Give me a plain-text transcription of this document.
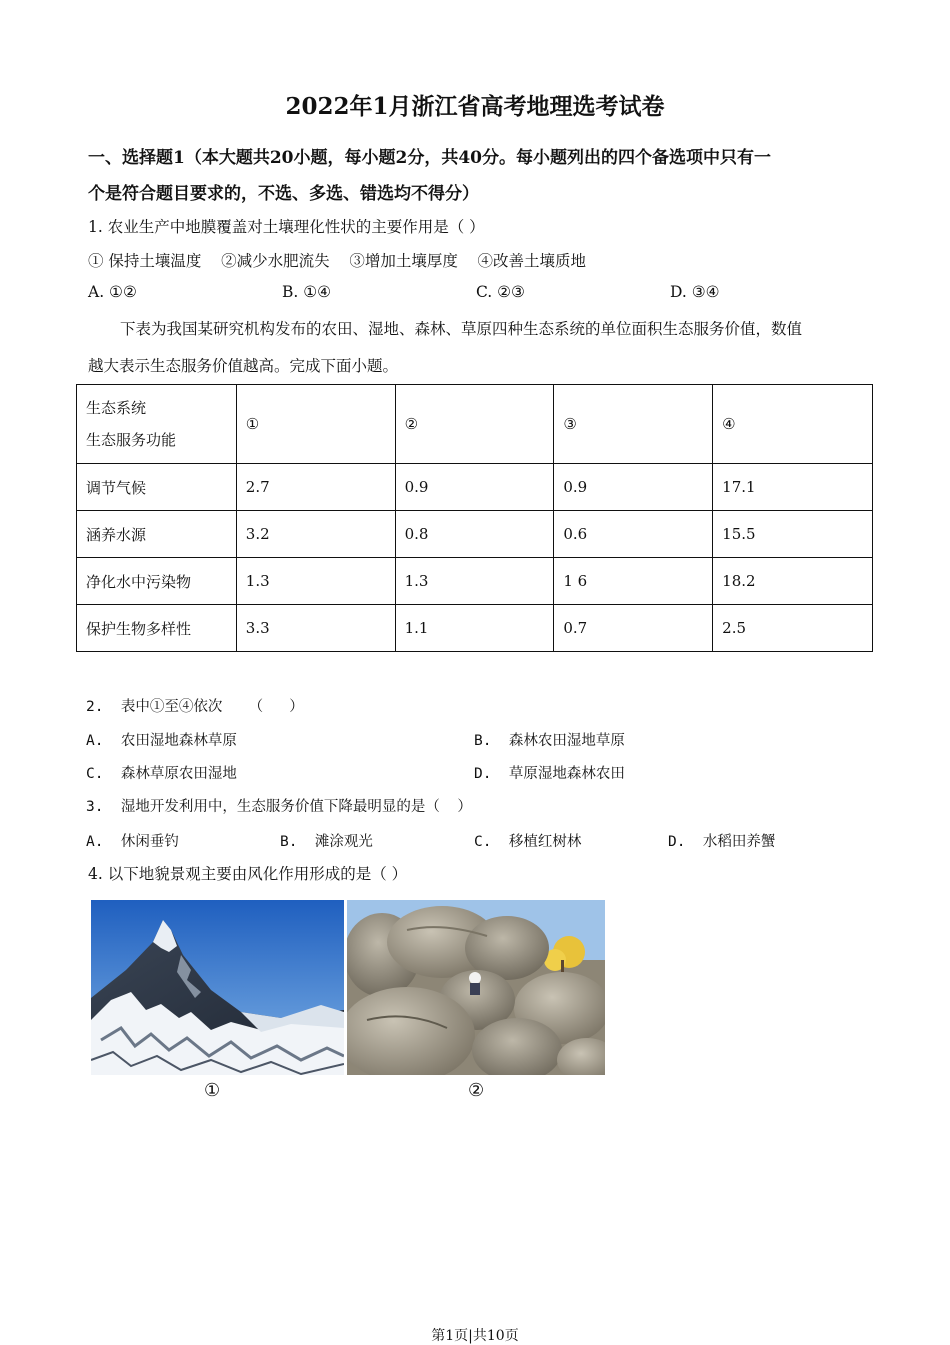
2022年1月浙江省高考地理选考试卷
一、选择题1（本大题共20小题，每小题2分，共40分。每小题列出的四个备选项中只有一
个是符合题目要求的，不选、多选、错选均不得分）
1. 农业生产中地膜覆盖对土壤理化性状的主要作用是（ ）
① 保持土壤温度    ②减少水肥流失    ③增加土壤厚度    ④改善土壤质地
A. ①②	B. ①④	C. ②③	D. ③④
下表为我国某研究机构发布的农田、湿地、森林、草原四种生态系统的单位面积生态服务价值，数值
越大表示生态服务价值越高。完成下面小题。
生态系统
生态服务功能	①	②	③	④
调节气候	2.7	0.9	0.9	17.1
涵养水源	3.2	0.8	0.6	15.5
净化水中污染物	1.3	1.3	1 6	18.2
保护生物多样性	3.3	1.1	0.7	2.5
2.  表中①至④依次   （   ）
A.  农田湿地森林草原	B.  森林农田湿地草原
C.  森林草原农田湿地	D.  草原湿地森林农田
3.  湿地开发利用中，生态服务价值下降最明显的是（  ）
A.  休闲垂钓	B.  滩涂观光	C.  移植红树林	D.  水稻田养蟹
4. 以下地貌景观主要由风化作用形成的是（ ）
①	②
第1页|共10页
